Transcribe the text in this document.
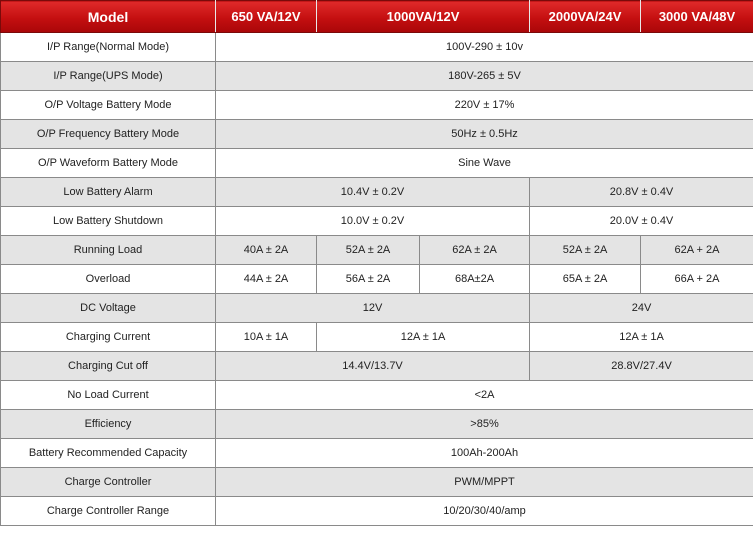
Model	650 VA/12V	1000VA/12V		2000VA/24V	3000 VA/48V
I/P Range(Normal Mode)	100V-290 ± 10v				
I/P Range(UPS Mode)	180V-265 ± 5V				
O/P Voltage Battery Mode	220V ± 17%				
O/P Frequency Battery Mode	50Hz ± 0.5Hz				
O/P Waveform Battery Mode	Sine Wave				
Low Battery Alarm	10.4V ± 0.2V			20.8V ± 0.4V	
Low Battery Shutdown	10.0V ± 0.2V			20.0V ± 0.4V	
Running Load	40A ± 2A	52A ± 2A	62A ± 2A	52A ± 2A	62A + 2A
Overload	44A ± 2A	56A ± 2A	68A±2A	65A ± 2A	66A + 2A
DC Voltage	12V			24V	
Charging Current	10A ± 1A	12A ± 1A		12A ± 1A	
Charging Cut off	14.4V/13.7V			28.8V/27.4V	
No Load Current	<2A				
Efficiency	>85%				
Battery Recommended Capacity	100Ah-200Ah				
Charge Controller	PWM/MPPT				
Charge Controller Range	10/20/30/40/amp				
